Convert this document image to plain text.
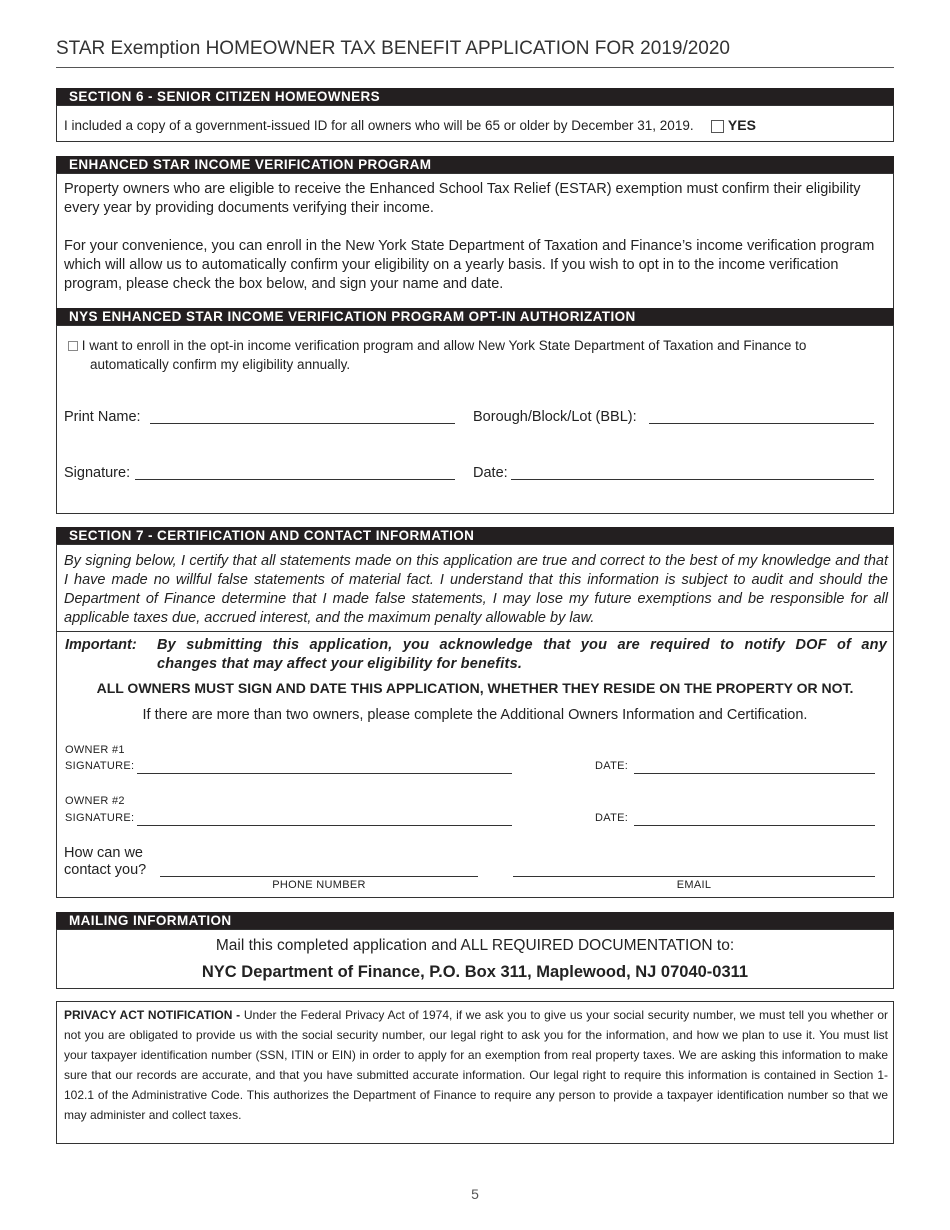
STAR Exemption HOMEOWNER TAX BENEFIT APPLICATION FOR 2019/2020
SECTION 6 - SENIOR CITIZEN HOMEOWNERS
I included a copy of a government-issued ID for all owners who will be 65 or older by December 31, 2019. YES
ENHANCED STAR INCOME VERIFICATION PROGRAM
Property owners who are eligible to receive the Enhanced School Tax Relief (ESTAR) exemption must confirm their eligibility every year by providing documents verifying their income.
For your convenience, you can enroll in the New York State Department of Taxation and Finance’s income verification program which will allow us to automatically confirm your eligibility on a yearly basis. If you wish to opt in to the income verification program, please check the box below, and sign your name and date.
NYS ENHANCED STAR INCOME VERIFICATION PROGRAM OPT-IN AUTHORIZATION
I want to enroll in the opt-in income verification program and allow New York State Department of Taxation and Finance to
automatically confirm my eligibility annually.
Print Name:	Borough/Block/Lot (BBL):
Signature:	Date:
SECTION 7 - CERTIFICATION AND CONTACT INFORMATION
By signing below, I certify that all statements made on this application are true and correct to the best of my knowledge and that I have made no willful false statements of material fact. I understand that this information is subject to audit and should the Department of Finance determine that I made false statements, I may lose my future exemptions and be responsible for all applicable taxes due, accrued interest, and the maximum penalty allowable by law.
Important: By submitting this application, you acknowledge that you are required to notify DOF of any
changes that may affect your eligibility for benefits.
ALL OWNERS MUST SIGN AND DATE THIS APPLICATION, WHETHER THEY RESIDE ON THE PROPERTY OR NOT.
If there are more than two owners, please complete the Additional Owners Information and Certification.
OWNER #1
SIGNATURE:	DATE:
OWNER #2
SIGNATURE:	DATE:
How can we
contact you?
PHONE NUMBER	EMAIL
MAILING INFORMATION
Mail this completed application and ALL REQUIRED DOCUMENTATION to:
NYC Department of Finance, P.O. Box 311, Maplewood, NJ 07040-0311
PRIVACY ACT NOTIFICATION - Under the Federal Privacy Act of 1974, if we ask you to give us your social security number, we must tell you whether or not you are obligated to provide us with the social security number, our legal right to ask you for the information, and how we plan to use it. You must list your taxpayer identification number (SSN, ITIN or EIN) in order to apply for an exemption from real property taxes. We are asking this information to make sure that our records are accurate, and that you have submitted accurate information. Our legal right to require this information is contained in Section 1-102.1 of the Administrative Code. This authorizes the Department of Finance to require any person to provide a taxpayer identification number so that we may administer and collect taxes.
5
